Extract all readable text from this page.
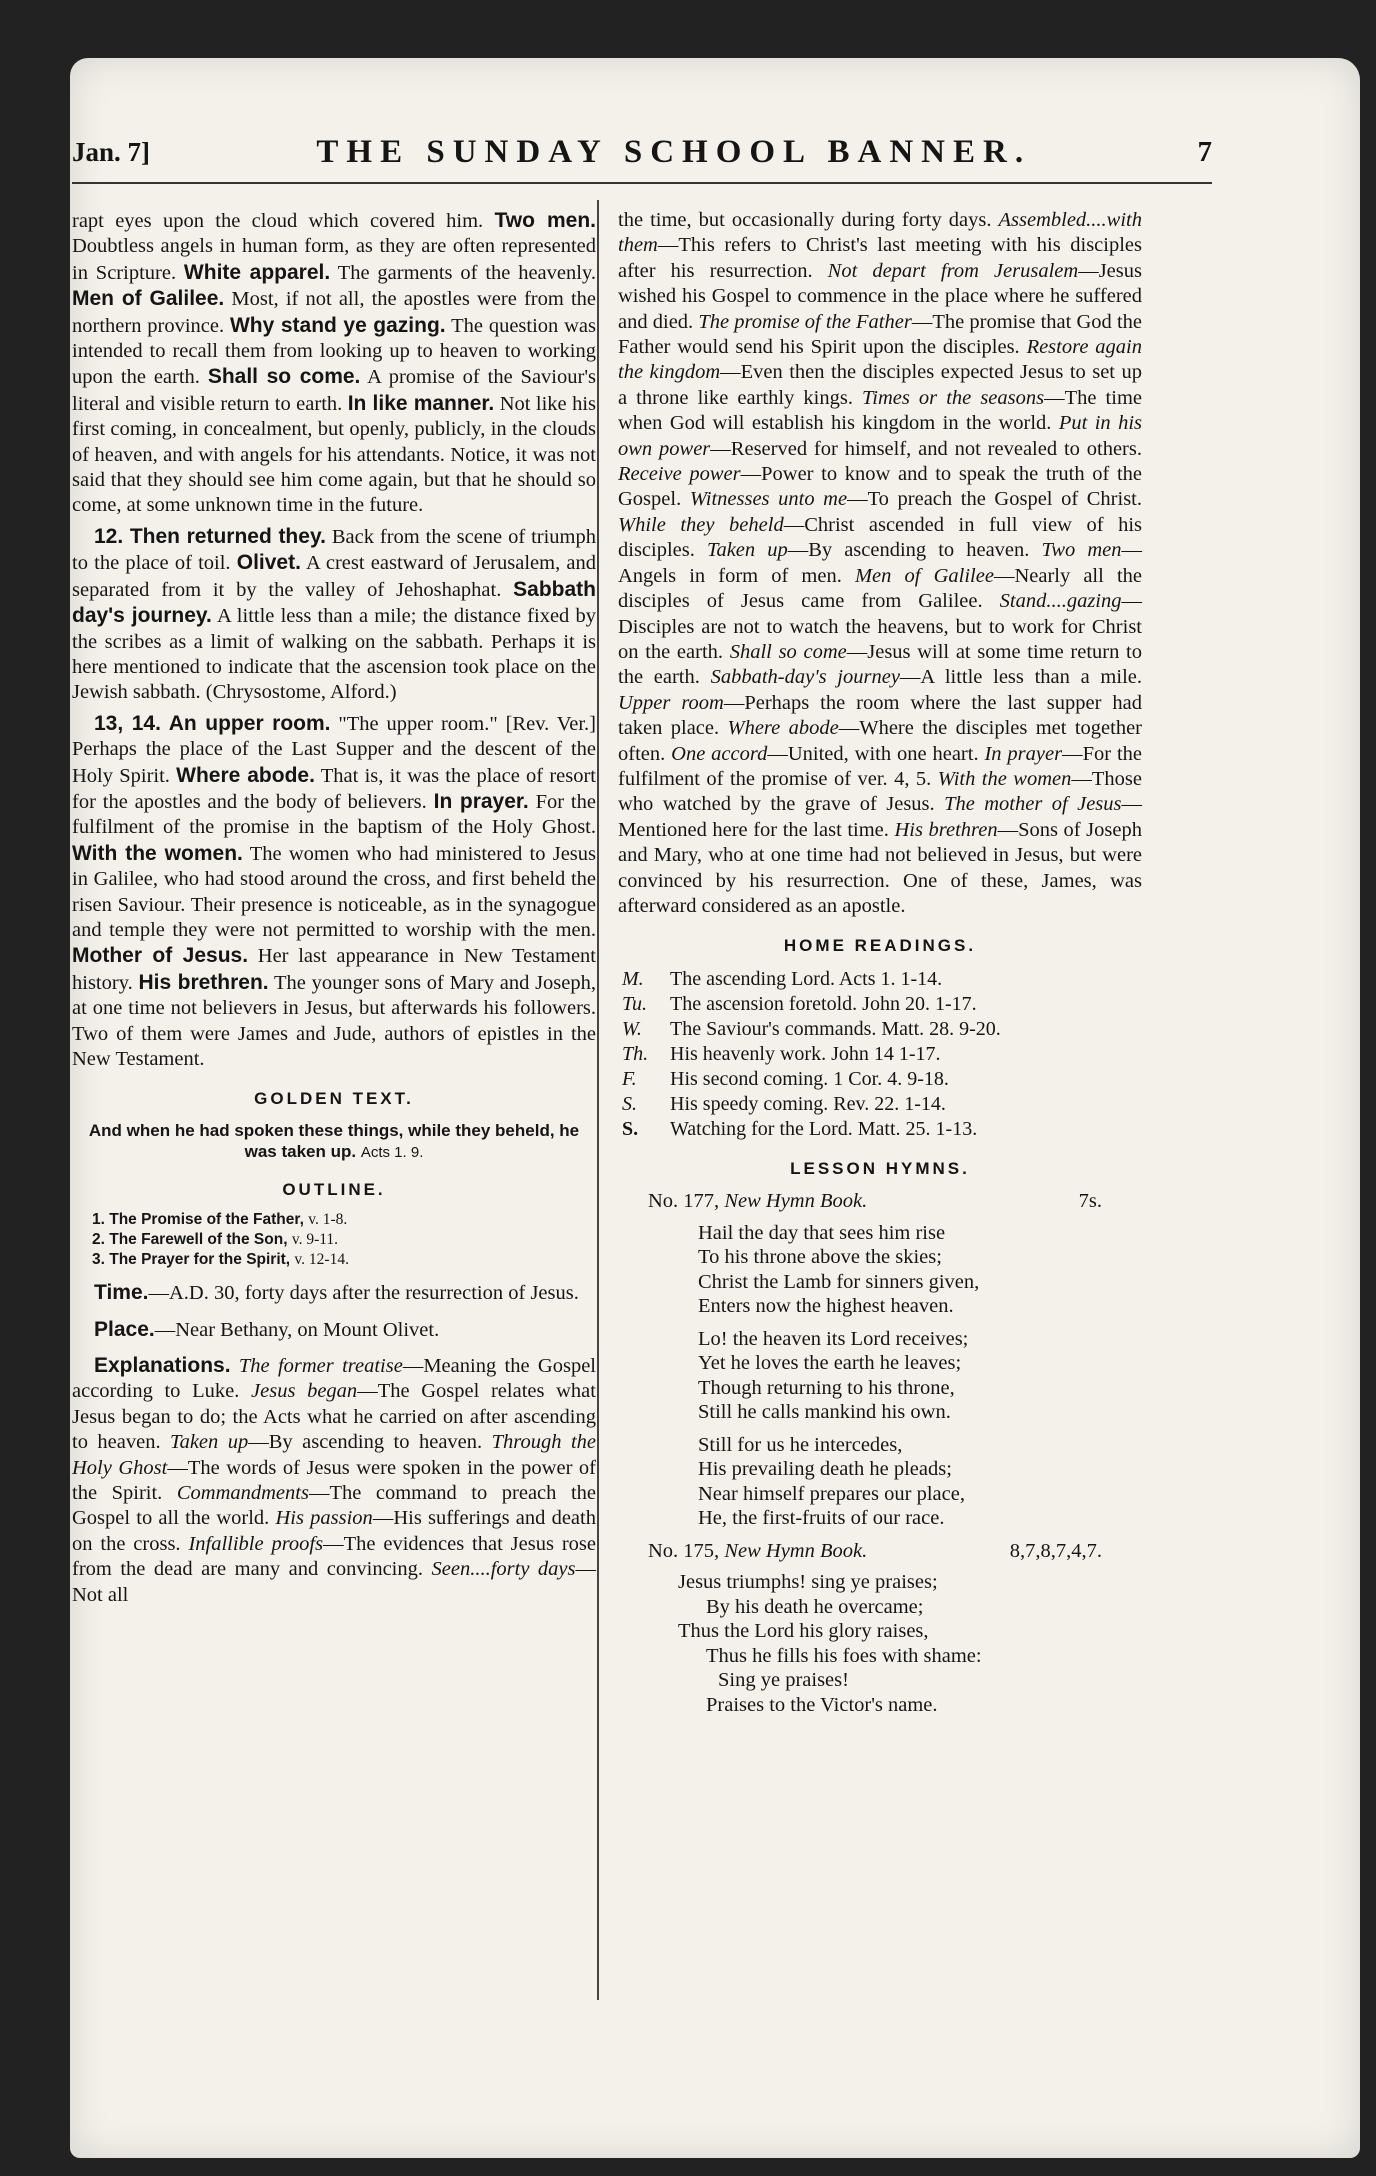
Jan. 7]	THE SUNDAY SCHOOL BANNER.	7

rapt eyes upon the cloud which covered him. Two men. Doubtless angels in human form, as they are often represented in Scripture. White apparel. The garments of the heavenly. Men of Galilee. Most, if not all, the apostles were from the northern province. Why stand ye gazing. The question was intended to recall them from looking up to heaven to working upon the earth. Shall so come. A promise of the Saviour's literal and visible return to earth. In like manner. Not like his first coming, in concealment, but openly, publicly, in the clouds of heaven, and with angels for his attendants. Notice, it was not said that they should see him come again, but that he should so come, at some unknown time in the future.

12. Then returned they. Back from the scene of triumph to the place of toil. Olivet. A crest eastward of Jerusalem, and separated from it by the valley of Jehoshaphat. Sabbath day's journey. A little less than a mile; the distance fixed by the scribes as a limit of walking on the sabbath. Perhaps it is here mentioned to indicate that the ascension took place on the Jewish sabbath. (Chrysostome, Alford.)

13, 14. An upper room. "The upper room." [Rev. Ver.] Perhaps the place of the Last Supper and the descent of the Holy Spirit. Where abode. That is, it was the place of resort for the apostles and the body of believers. In prayer. For the fulfilment of the promise in the baptism of the Holy Ghost. With the women. The women who had ministered to Jesus in Galilee, who had stood around the cross, and first beheld the risen Saviour. Their presence is noticeable, as in the synagogue and temple they were not permitted to worship with the men. Mother of Jesus. Her last appearance in New Testament history. His brethren. The younger sons of Mary and Joseph, at one time not believers in Jesus, but afterwards his followers. Two of them were James and Jude, authors of epistles in the New Testament.

GOLDEN TEXT.
And when he had spoken these things, while they beheld, he was taken up. Acts 1. 9.
OUTLINE.
1. The Promise of the Father, v. 1-8.
2. The Farewell of the Son, v. 9-11.
3. The Prayer for the Spirit, v. 12-14.

Time.—A.D. 30, forty days after the resurrection of Jesus.

Place.—Near Bethany, on Mount Olivet.

Explanations. The former treatise—Meaning the Gospel according to Luke. Jesus began—The Gospel relates what Jesus began to do; the Acts what he carried on after ascending to heaven. Taken up—By ascending to heaven. Through the Holy Ghost—The words of Jesus were spoken in the power of the Spirit. Commandments—The command to preach the Gospel to all the world. His passion—His sufferings and death on the cross. Infallible proofs—The evidences that Jesus rose from the dead are many and convincing. Seen....forty days—Not all

the time, but occasionally during forty days. Assembled....with them—This refers to Christ's last meeting with his disciples after his resurrection. Not depart from Jerusalem—Jesus wished his Gospel to commence in the place where he suffered and died. The promise of the Father—The promise that God the Father would send his Spirit upon the disciples. Restore again the kingdom—Even then the disciples expected Jesus to set up a throne like earthly kings. Times or the seasons—The time when God will establish his kingdom in the world. Put in his own power—Reserved for himself, and not revealed to others. Receive power—Power to know and to speak the truth of the Gospel. Witnesses unto me—To preach the Gospel of Christ. While they beheld—Christ ascended in full view of his disciples. Taken up—By ascending to heaven. Two men—Angels in form of men. Men of Galilee—Nearly all the disciples of Jesus came from Galilee. Stand....gazing—Disciples are not to watch the heavens, but to work for Christ on the earth. Shall so come—Jesus will at some time return to the earth. Sabbath-day's journey—A little less than a mile. Upper room—Perhaps the room where the last supper had taken place. Where abode—Where the disciples met together often. One accord—United, with one heart. In prayer—For the fulfilment of the promise of ver. 4, 5. With the women—Those who watched by the grave of Jesus. The mother of Jesus—Mentioned here for the last time. His brethren—Sons of Joseph and Mary, who at one time had not believed in Jesus, but were convinced by his resurrection. One of these, James, was afterward considered as an apostle.

HOME READINGS.
M.	The ascending Lord. Acts 1. 1-14.
Tu.	The ascension foretold. John 20. 1-17.
W.	The Saviour's commands. Matt. 28. 9-20.
Th.	His heavenly work. John 14 1-17.
F.	His second coming. 1 Cor. 4. 9-18.
S.	His speedy coming. Rev. 22. 1-14.
S.	Watching for the Lord. Matt. 25. 1-13.
LESSON HYMNS.
No. 177, New Hymn Book.	7s.
Hail the day that sees him rise
To his throne above the skies;
Christ the Lamb for sinners given,
Enters now the highest heaven.
Lo! the heaven its Lord receives;
Yet he loves the earth he leaves;
Though returning to his throne,
Still he calls mankind his own.
Still for us he intercedes,
His prevailing death he pleads;
Near himself prepares our place,
He, the first-fruits of our race.
No. 175, New Hymn Book.	8,7,8,7,4,7.
Jesus triumphs! sing ye praises;
By his death he overcame;
Thus the Lord his glory raises,
Thus he fills his foes with shame:
Sing ye praises!
Praises to the Victor's name.
